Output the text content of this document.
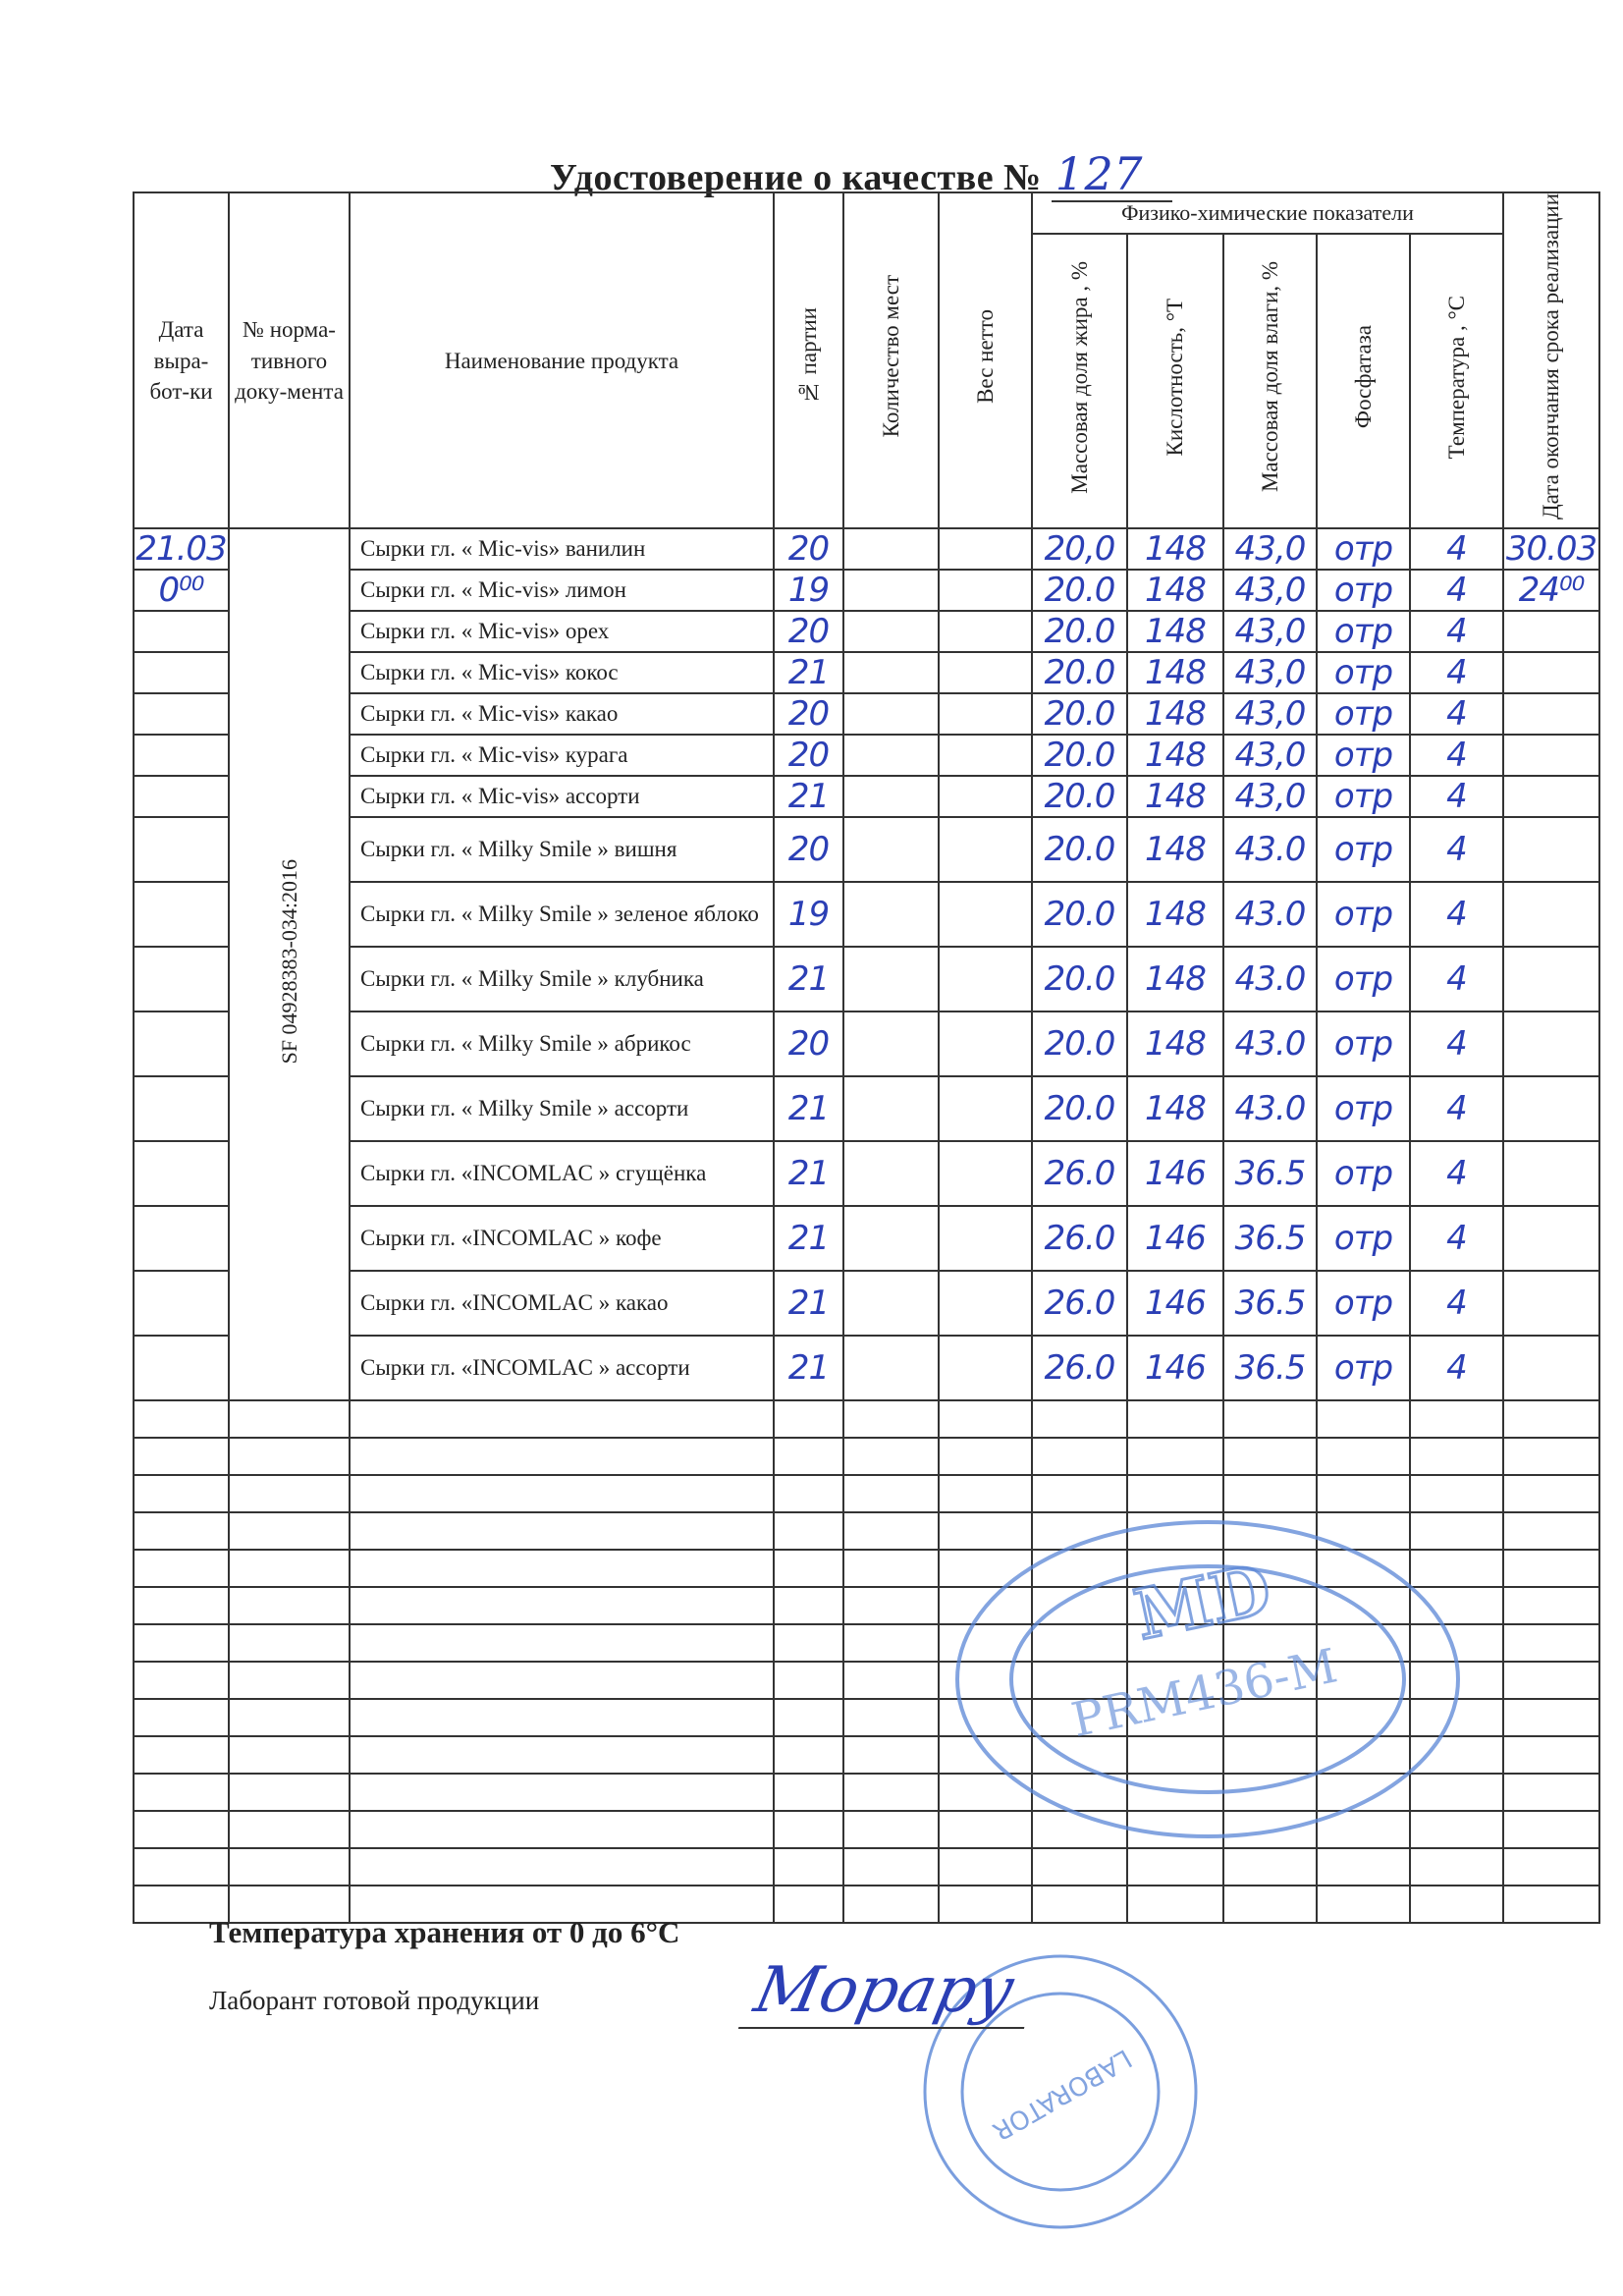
Удостоверение о качестве № 127
Дата выра-бот-ки	№ норма-тивного доку-мента	Наименование продукта	№ партии	Количество мест	Вес нетто	Физико-химические показатели					Дата окончания срока реализации
						Массовая доля жира , %	Кислотность, °Т	Массовая доля влаги, %	Фосфатаза	Температура , °С	
21.03	SF 04928383-034:2016	Сырки гл. « Mic-vis» ванилин	20			20,0	148	43,0	отр	4	30.03
0⁰⁰		Сырки гл. « Mic-vis» лимон	19			20.0	148	43,0	отр	4	24⁰⁰
		Сырки гл. « Mic-vis» орех	20			20.0	148	43,0	отр	4	
		Сырки гл. « Mic-vis» кокос	21			20.0	148	43,0	отр	4	
		Сырки гл. « Mic-vis» какао	20			20.0	148	43,0	отр	4	
		Сырки гл. « Mic-vis» курага	20			20.0	148	43,0	отр	4	
		Сырки гл. « Mic-vis» ассорти	21			20.0	148	43,0	отр	4	
		Сырки гл. « Milky Smile » вишня	20			20.0	148	43.0	отр	4	
		Сырки гл. « Milky Smile » зеленое яблоко	19			20.0	148	43.0	отр	4	
		Сырки гл. « Milky Smile » клубника	21			20.0	148	43.0	отр	4	
		Сырки гл. « Milky Smile » абрикос	20			20.0	148	43.0	отр	4	
		Сырки гл. « Milky Smile » ассорти	21			20.0	148	43.0	отр	4	
		Сырки гл. «INCOMLAC » сгущёнка	21			26.0	146	36.5	отр	4	
		Сырки гл. «INCOMLAC » кофе	21			26.0	146	36.5	отр	4	
		Сырки гл. «INCOMLAC » какао	21			26.0	146	36.5	отр	4	
		Сырки гл. «INCOMLAC » ассорти	21			26.0	146	36.5	отр	4	

MD
PRM436-M
LABORATOR
Температура хранения от 0 до 6°С
Лаборант готовой продукции	Морару
